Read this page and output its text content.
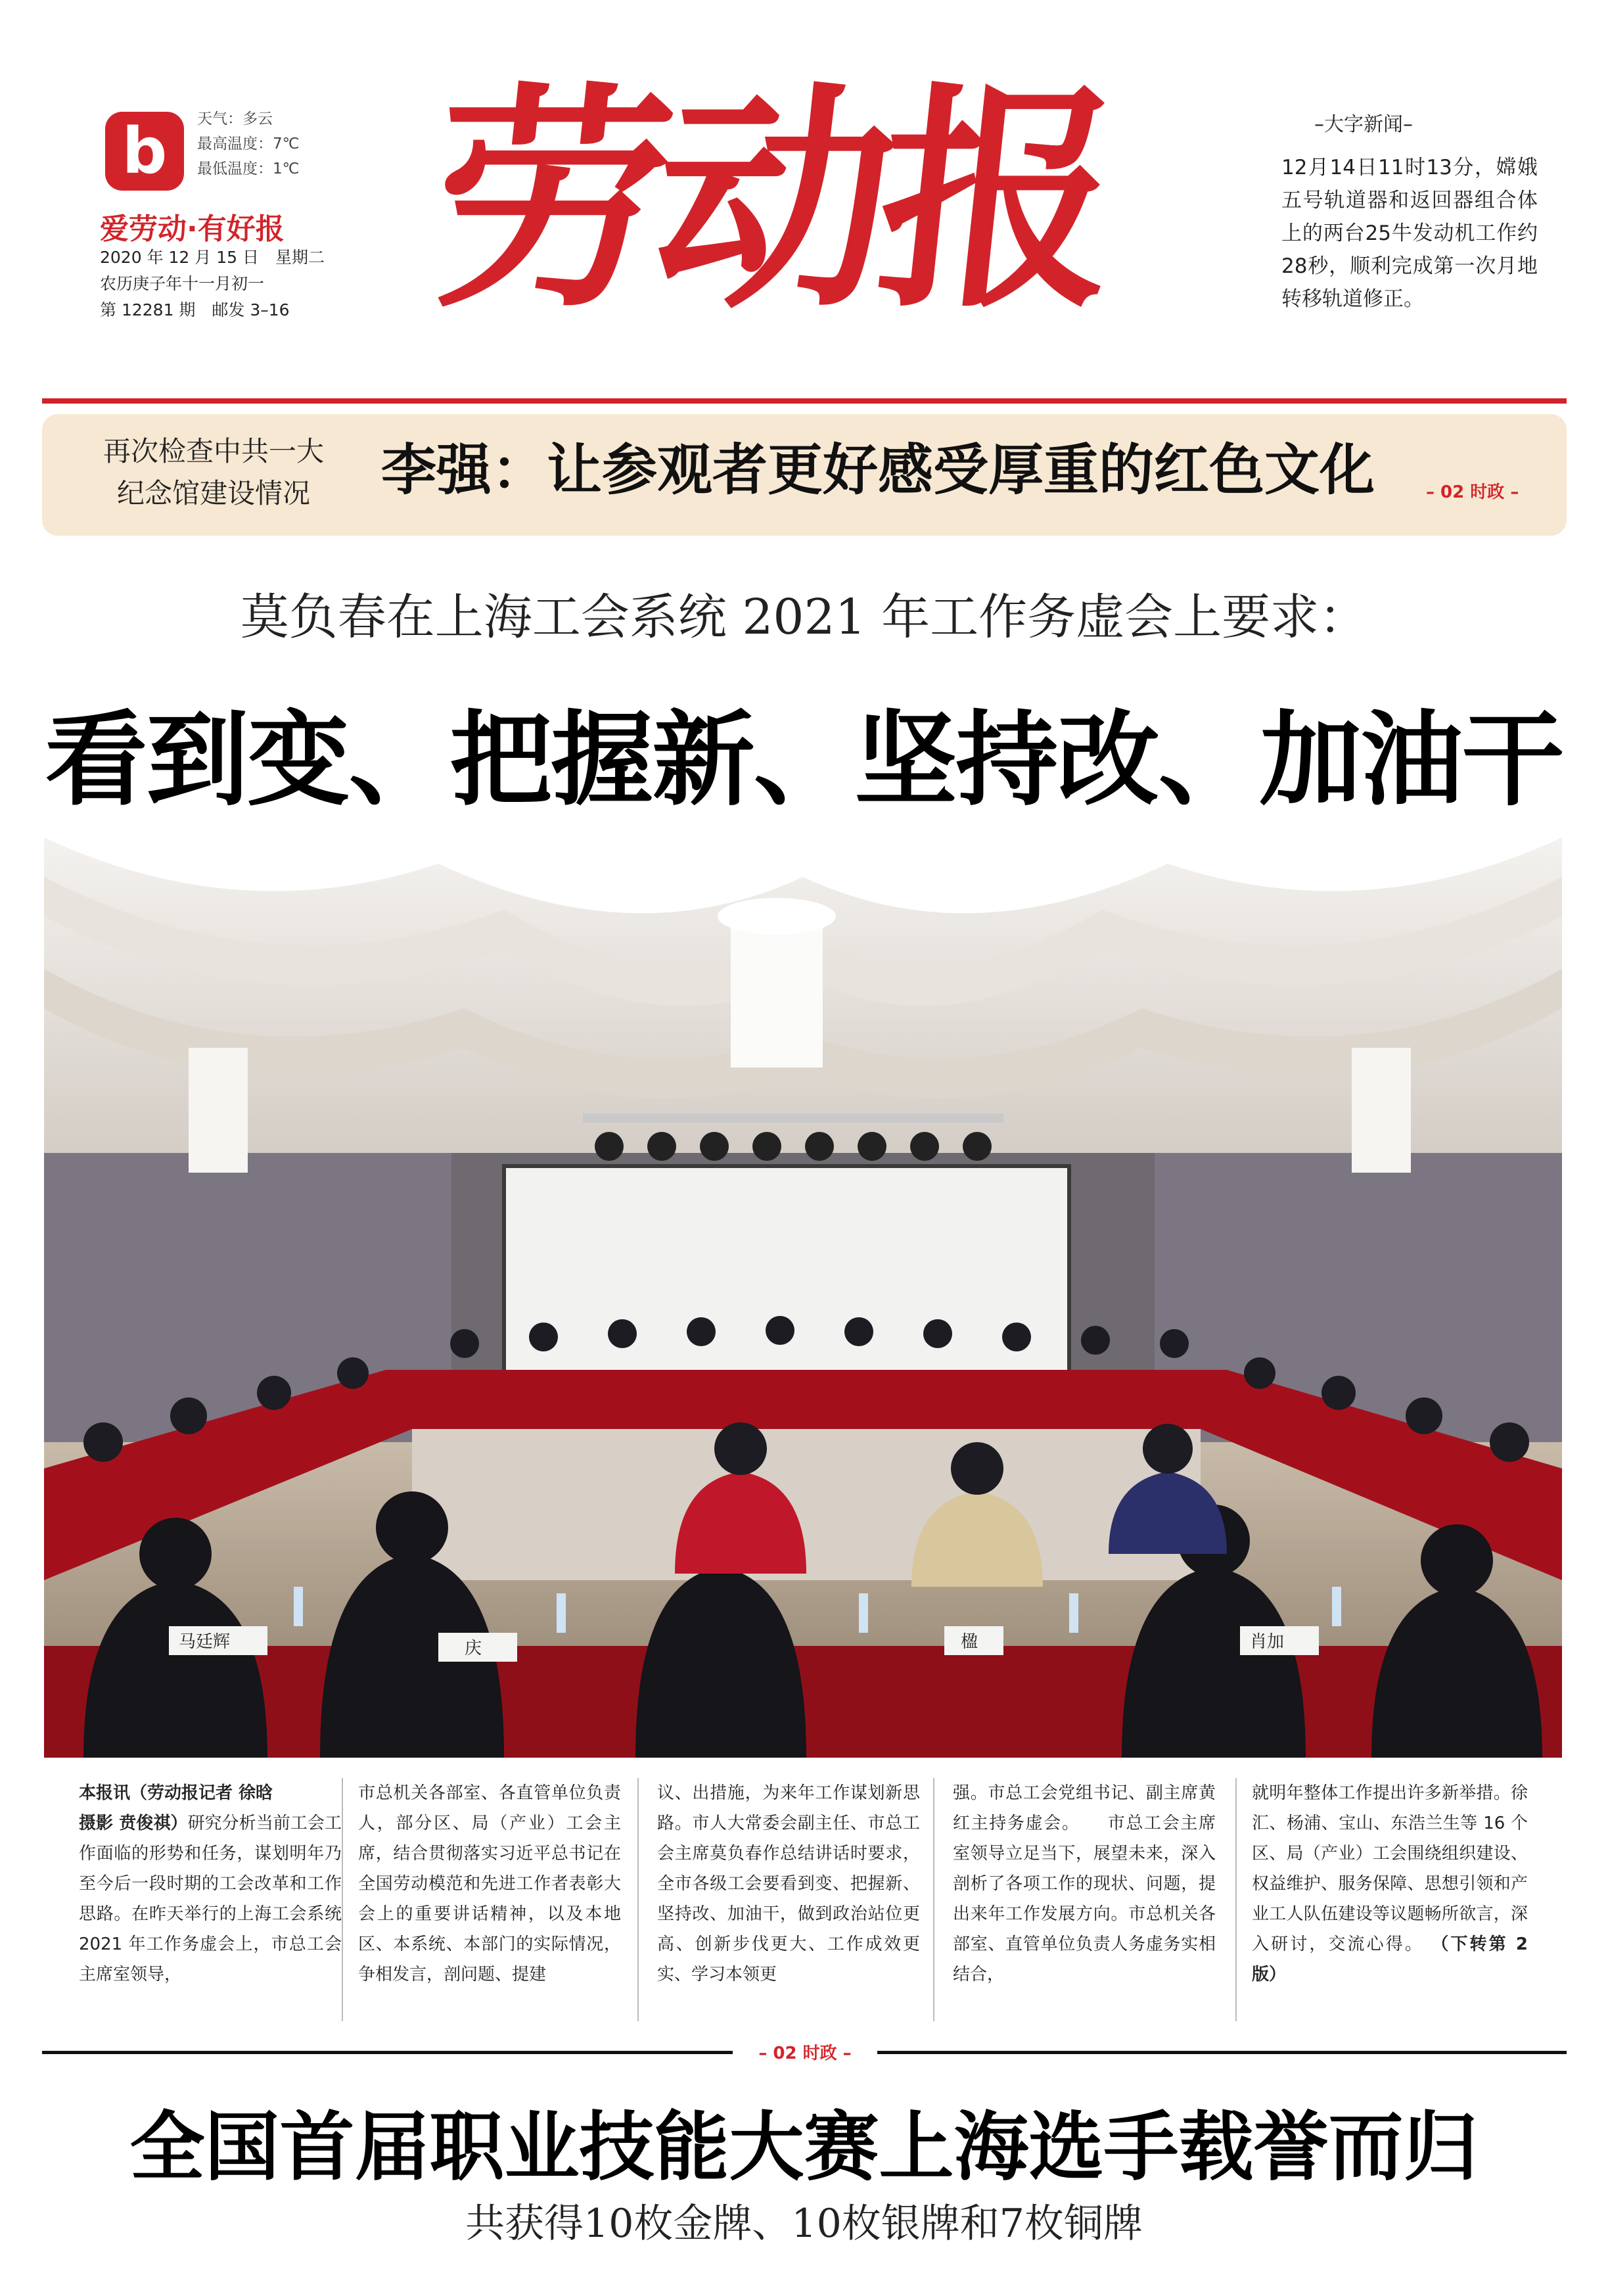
b 天气：多云
最高温度：7℃
最低温度：1℃
爱劳动·有好报
2020 年 12 月 15 日　星期二
农历庚子年十一月初一
第 12281 期　邮发 3–16 劳动报	–大字新闻–
12月14日11时13分，嫦娥五号轨道器和返回器组合体上的两台25牛发动机工作约28秒，顺利完成第一次月地转移轨道修正。
再次检查中共一大
纪念馆建设情况	李强：让参观者更好感受厚重的红色文化	– 02 时政 –
莫负春在上海工会系统 2021 年工作务虚会上要求：
看到变、把握新、坚持改、加油干
马廷辉	庆	肖加
楹
本报讯（劳动报记者 徐晗
摄影 贲俊祺）研究分析当前工会工作面临的形势和任务，谋划明年乃至今后一段时期的工会改革和工作思路。在昨天举行的上海工会系统 2021 年工作务虚会上，市总工会主席室领导，
市总机关各部室、各直管单位负责人，部分区、局（产业）工会主席，结合贯彻落实习近平总书记在全国劳动模范和先进工作者表彰大会上的重要讲话精神，以及本地区、本系统、本部门的实际情况，争相发言，剖问题、提建
议、出措施，为来年工作谋划新思路。市人大常委会副主任、市总工会主席莫负春作总结讲话时要求，全市各级工会要看到变、把握新、坚持改、加油干，做到政治站位更高、创新步伐更大、工作成效更实、学习本领更
强。市总工会党组书记、副主席黄红主持务虚会。　　市总工会主席室领导立足当下，展望未来，深入剖析了各项工作的现状、问题，提出来年工作发展方向。市总机关各部室、直管单位负责人务虚务实相结合，
就明年整体工作提出许多新举措。徐汇、杨浦、宝山、东浩兰生等 16 个区、局（产业）工会围绕组织建设、权益维护、服务保障、思想引领和产业工人队伍建设等议题畅所欲言，深入研讨，交流心得。 （下转第 2 版）
– 02 时政 –
全国首届职业技能大赛上海选手载誉而归
共获得10枚金牌、10枚银牌和7枚铜牌
